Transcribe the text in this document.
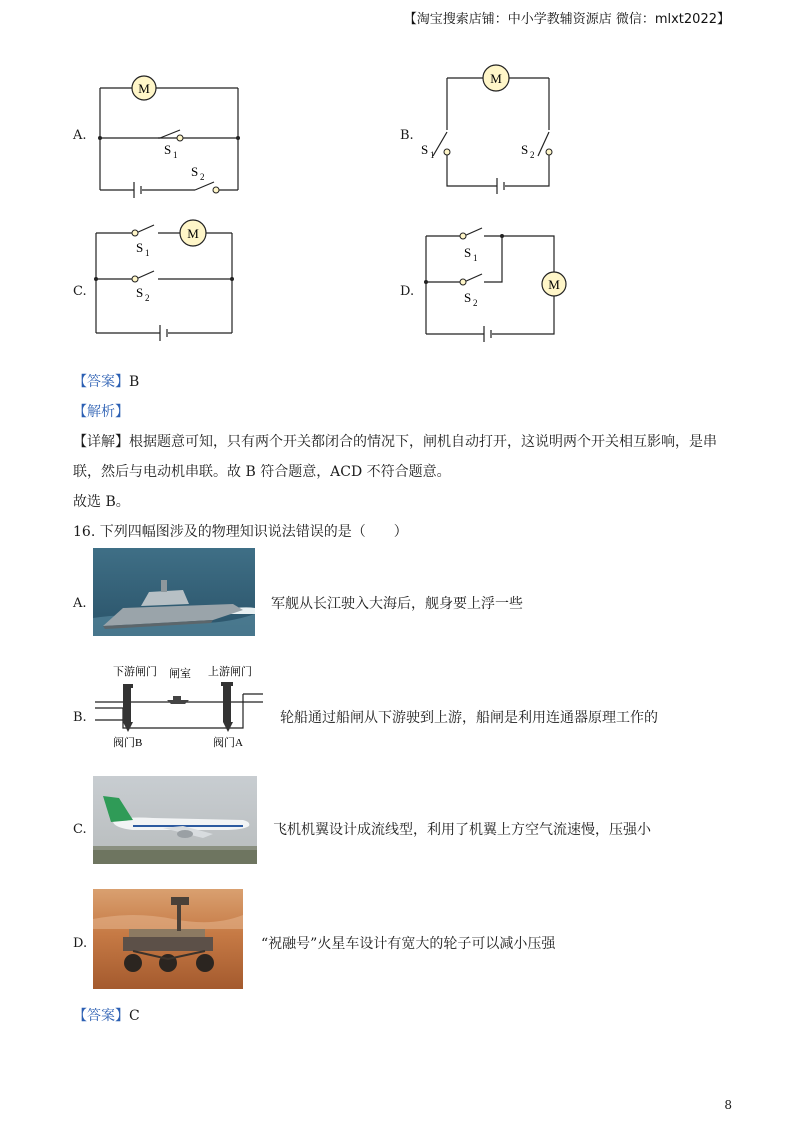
【淘宝搜索店铺：中小学教辅资源店 微信：mlxt2022】
A.	B.
C.	D.
M
S 1
S 2
M
S 1	S 2
M
S 1
S 2
M
S 1
S 2
【答案】B
【解析】
【详解】根据题意可知，只有两个开关都闭合的情况下，闸机自动打开，这说明两个开关相互影响，是串
联，然后与电动机串联。故 B 符合题意，ACD 不符合题意。
故选 B。
16. 下列四幅图涉及的物理知识说法错误的是（　　）
A.	军舰从长江驶入大海后，舰身要上浮一些
B.
下游闸门 闸室 上游闸门
阀门B	阀门A
轮船通过船闸从下游驶到上游，船闸是利用连通器原理工作的
C.	飞机机翼设计成流线型，利用了机翼上方空气流速慢，压强小
D.	“祝融号”火星车设计有宽大的轮子可以减小压强
【答案】C
8
